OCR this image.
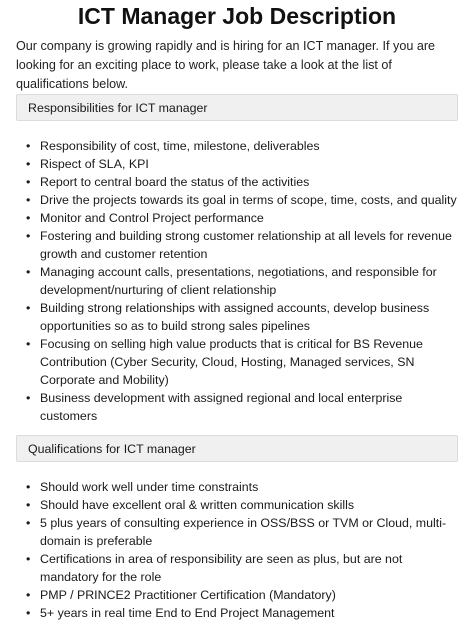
ICT Manager Job Description

Our company is growing rapidly and is hiring for an ICT manager. If you are looking for an exciting place to work, please take a look at the list of qualifications below.

Responsibilities for ICT manager
• Responsibility of cost, time, milestone, deliverables
• Rispect of SLA, KPI
• Report to central board the status of the activities
• Drive the projects towards its goal in terms of scope, time, costs, and quality
• Monitor and Control Project performance
• Fostering and building strong customer relationship at all levels for revenue growth and customer retention
• Managing account calls, presentations, negotiations, and responsible for development/nurturing of client relationship
• Building strong relationships with assigned accounts, develop business opportunities so as to build strong sales pipelines
• Focusing on selling high value products that is critical for BS Revenue Contribution (Cyber Security, Cloud, Hosting, Managed services, SN Corporate and Mobility)
• Business development with assigned regional and local enterprise customers
Qualifications for ICT manager
• Should work well under time constraints
• Should have excellent oral & written communication skills
• 5 plus years of consulting experience in OSS/BSS or TVM or Cloud, multi-domain is preferable
• Certifications in area of responsibility are seen as plus, but are not mandatory for the role
• PMP / PRINCE2 Practitioner Certification (Mandatory)
• 5+ years in real time End to End Project Management
